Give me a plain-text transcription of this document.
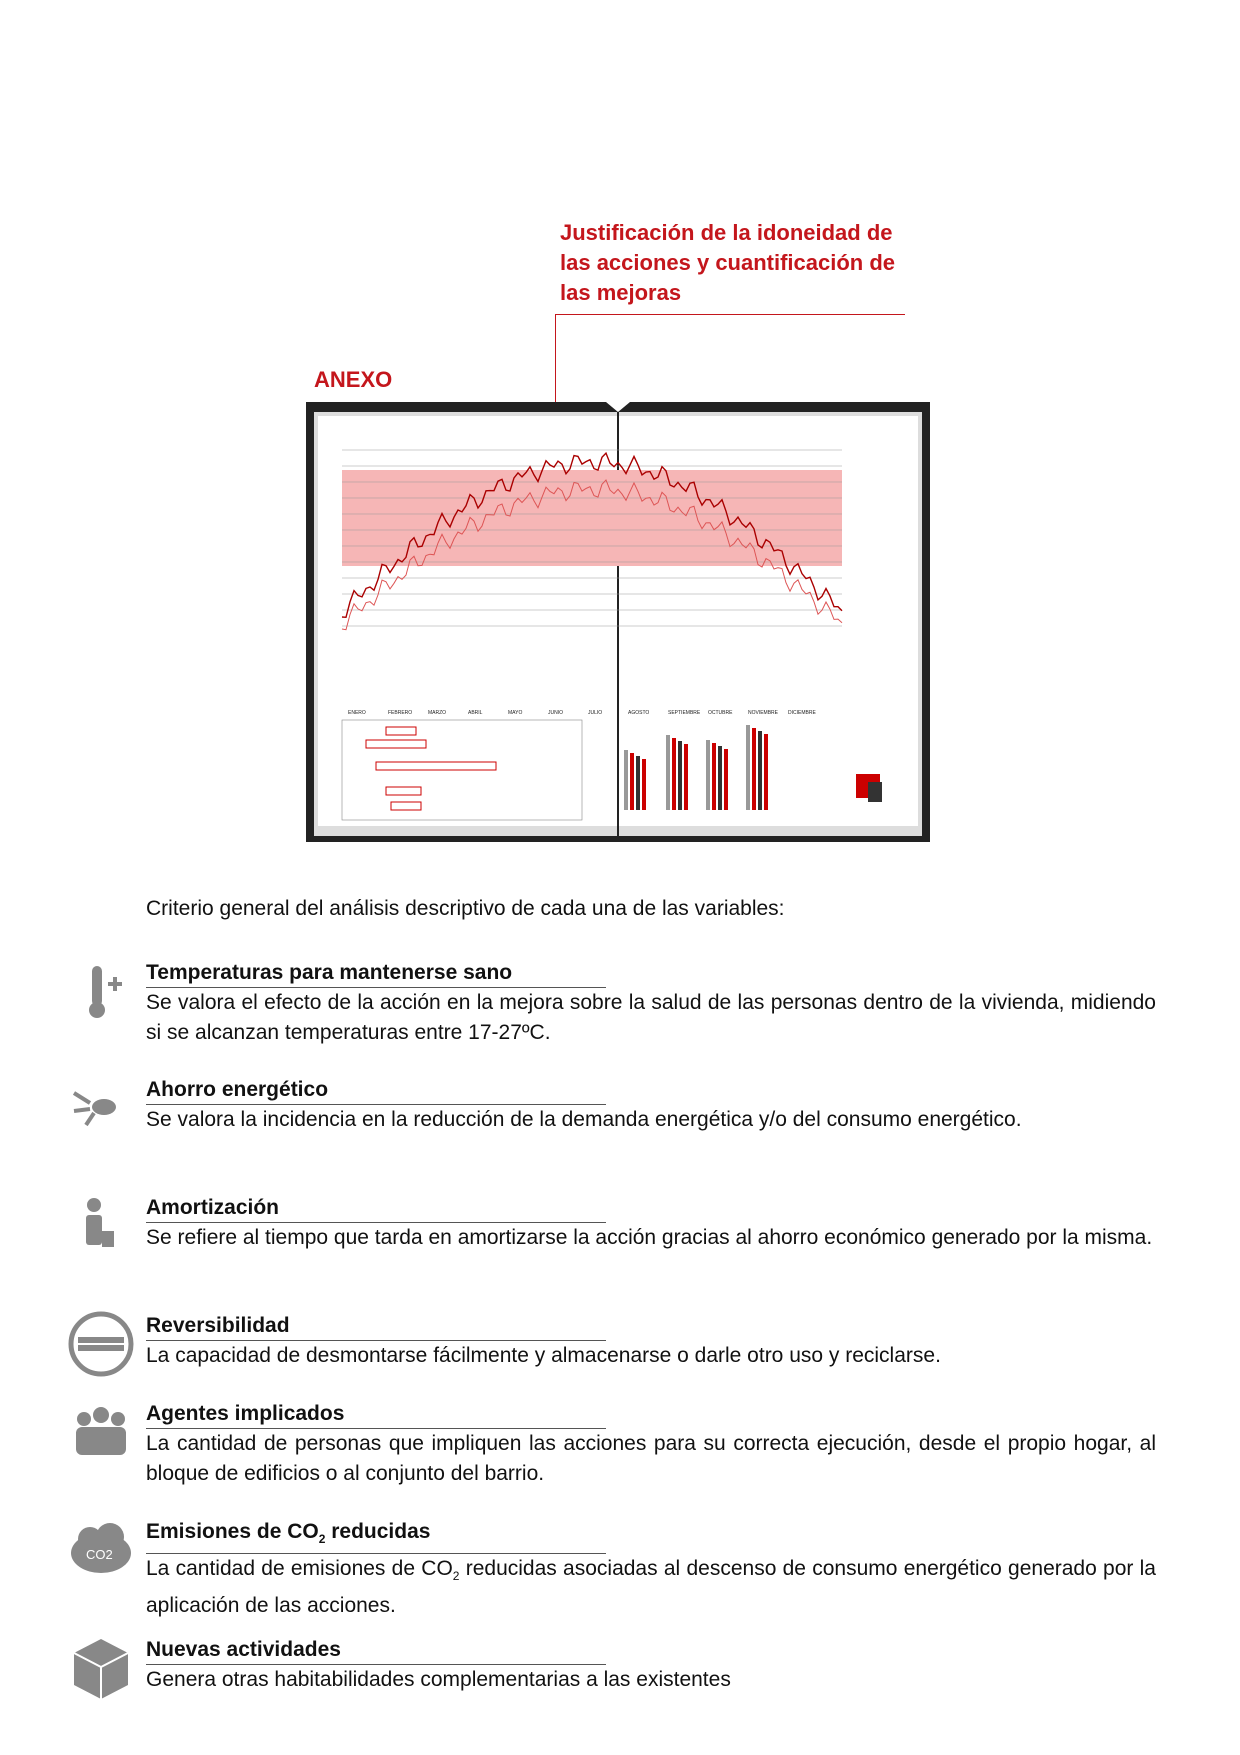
Justificación de la idoneidad de las acciones y cuantificación de las mejoras
ANEXO
ENERO	FEBRERO	MARZO	ABRIL	MAYO	JUNIO	JULIO	AGOSTO	SEPTIEMBRE OCTUBRE	NOVIEMBRE DICIEMBRE
Criterio general del análisis descriptivo de cada una de las variables:
Temperaturas para mantenerse sano
Se valora el efecto de la acción en la mejora sobre la salud de las personas dentro de la vivienda, midiendo si se alcanzan temperaturas entre 17-27ºC.
Ahorro energético
Se valora la incidencia en la reducción de la demanda energética y/o del consumo energético.
Amortización
Se refiere al tiempo que tarda en amortizarse la acción gracias al ahorro económico generado por la misma.
Reversibilidad
La capacidad de desmontarse fácilmente y almacenarse o darle otro uso y reciclarse.
Agentes implicados
La cantidad de personas que impliquen las acciones para su correcta ejecución, desde el propio hogar, al bloque de edificios o al conjunto del barrio.
CO2
Emisiones de $CO_2$ reducidas
La cantidad de emisiones de $CO_2$ reducidas asociadas al descenso de consumo energético generado por la aplicación de las acciones.
Nuevas actividades
Genera otras habitabilidades complementarias a las existentes
